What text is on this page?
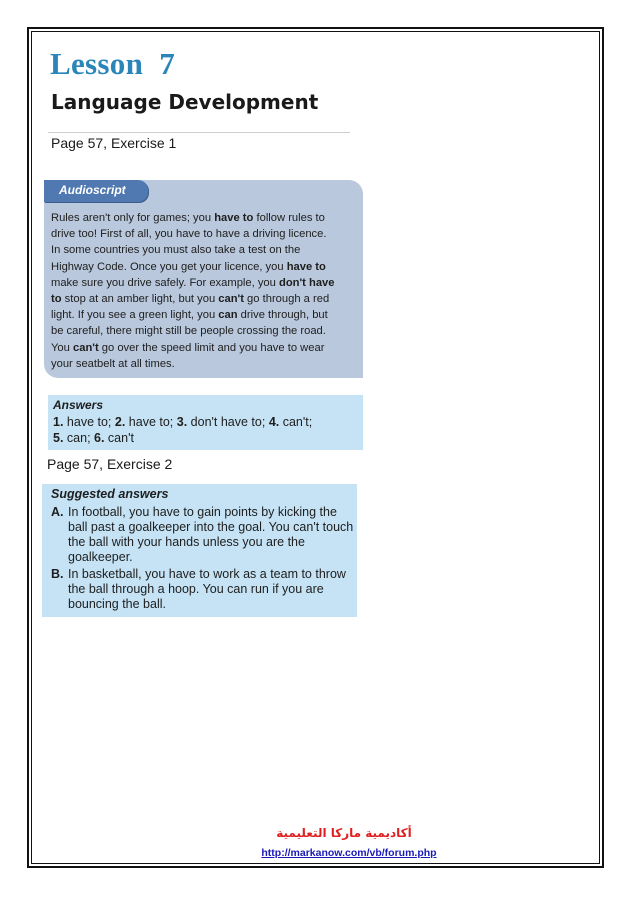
Lesson  7
Language Development
Page 57, Exercise 1
Audioscript
Rules aren't only for games; you have to follow rules to
drive too! First of all, you have to have a driving licence.
In some countries you must also take a test on the
Highway Code. Once you get your licence, you have to
make sure you drive safely. For example, you don't have
to stop at an amber light, but you can't go through a red
light. If you see a green light, you can drive through, but
be careful, there might still be people crossing the road.
You can't go over the speed limit and you have to wear
your seatbelt at all times.
Answers
1. have to; 2. have to; 3. don't have to; 4. can't;
5. can; 6. can't
Page 57, Exercise 2
Suggested answers
A. In football, you have to gain points by kicking the ball past a goalkeeper into the goal. You can't touch the ball with your hands unless you are the goalkeeper.
B. In basketball, you have to work as a team to throw the ball through a hoop. You can run if you are bouncing the ball.
أكاديمية ماركا التعليمية
http://markanow.com/vb/forum.php
